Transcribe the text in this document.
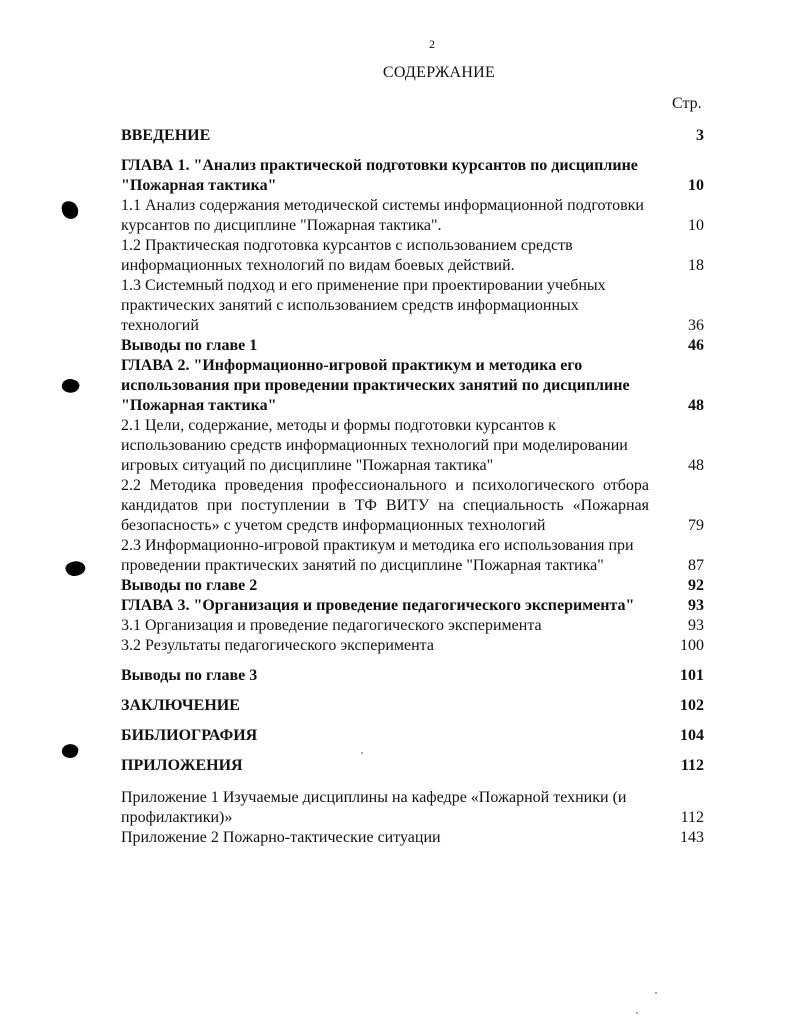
2
СОДЕРЖАНИЕ
Стр.
ВВЕДЕНИЕ	3
ГЛАВА 1. "Анализ практической подготовки курсантов по дисциплине "Пожарная тактика"	10
1.1 Анализ содержания методической системы информационной подготовки курсантов по дисциплине "Пожарная тактика".	10
1.2 Практическая подготовка курсантов с использованием средств информационных технологий по видам боевых действий.	18
1.3 Системный подход и его применение при проектировании учебных практических занятий с использованием средств информационных технологий	36
Выводы по главе 1	46
ГЛАВА 2. "Информационно-игровой практикум и методика его использования при проведении практических занятий по дисциплине "Пожарная тактика"	48
2.1 Цели, содержание, методы и формы подготовки курсантов к использованию средств информационных технологий при моделировании игровых ситуаций по дисциплине "Пожарная тактика"	48
2.2 Методика проведения профессионального и психологического отбора кандидатов при поступлении в ТФ ВИТУ на специальность «Пожарная безопасность» с учетом средств информационных технологий	79
2.3 Информационно-игровой практикум и методика его использования при проведении практических занятий по дисциплине "Пожарная тактика"	87
Выводы по главе 2	92
ГЛАВА 3. "Организация и проведение педагогического эксперимента"	93
3.1 Организация и проведение педагогического эксперимента	93
3.2 Результаты педагогического эксперимента	100
Выводы по главе 3	101
ЗАКЛЮЧЕНИЕ	102
БИБЛИОГРАФИЯ	104
ПРИЛОЖЕНИЯ	112
Приложение 1 Изучаемые дисциплины на кафедре «Пожарной техники (и профилактики)»	112
Приложение 2 Пожарно-тактические ситуации	143
